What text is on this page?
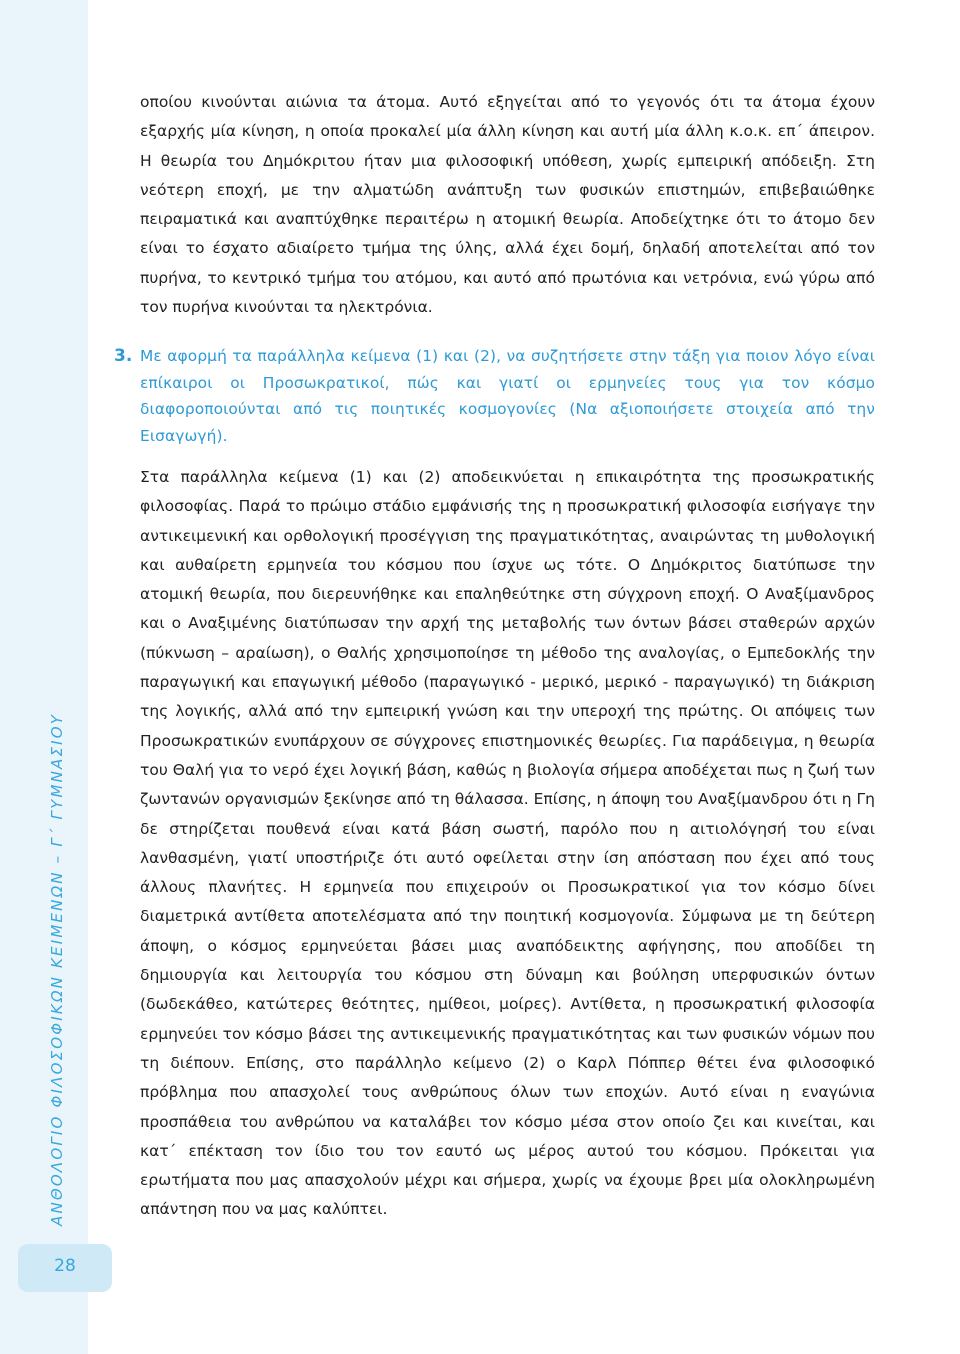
ΑΝΘΟΛΟΓΙΟ ΦΙΛΟΣΟΦΙΚΩΝ ΚΕΙΜΕΝΩΝ – Γ΄ ΓΥΜΝΑΣΙΟΥ
28

οποίου κινούνται αιώνια τα άτομα. Αυτό εξηγείται από το γεγονός ότι τα άτομα έχουν εξαρχής μία κίνηση, η οποία προκαλεί μία άλλη κίνηση και αυτή μία άλλη κ.ο.κ. επ΄ άπειρον. Η θεωρία του Δημόκριτου ήταν μια φιλοσοφική υπόθεση, χωρίς εμπειρική απόδειξη. Στη νεότερη εποχή, με την αλματώδη ανάπτυξη των φυσικών επιστημών, επιβεβαιώθηκε πειραματικά και αναπτύχθηκε περαιτέρω η ατομική θεωρία. Αποδείχτηκε ότι το άτομο δεν είναι το έσχατο αδιαίρετο τμήμα της ύλης, αλλά έχει δομή, δηλαδή αποτελείται από τον πυρήνα, το κεντρικό τμήμα του ατόμου, και αυτό από πρωτόνια και νετρόνια, ενώ γύρω από τον πυρήνα κινούνται τα ηλεκτρόνια.

3. Με αφορμή τα παράλληλα κείμενα (1) και (2), να συζητήσετε στην τάξη για ποιον λόγο είναι επίκαιροι οι Προσωκρατικοί, πώς και γιατί οι ερμηνείες τους για τον κόσμο διαφοροποιούνται από τις ποιητικές κοσμογονίες (Να αξιοποιήσετε στοιχεία από την Εισαγωγή).

Στα παράλληλα κείμενα (1) και (2) αποδεικνύεται η επικαιρότητα της προσωκρατικής φιλοσοφίας. Παρά το πρώιμο στάδιο εμφάνισής της η προσωκρατική φιλοσοφία εισήγαγε την αντικειμενική και ορθολογική προσέγγιση της πραγματικότητας, αναιρώντας τη μυθολογική και αυθαίρετη ερμηνεία του κόσμου που ίσχυε ως τότε. Ο Δημόκριτος διατύπωσε την ατομική θεωρία, που διερευνήθηκε και επαληθεύτηκε στη σύγχρονη εποχή. Ο Αναξίμανδρος και ο Αναξιμένης διατύπωσαν την αρχή της μεταβολής των όντων βάσει σταθερών αρχών (πύκνωση – αραίωση), ο Θαλής χρησιμοποίησε τη μέθοδο της αναλογίας, ο Εμπεδοκλής την παραγωγική και επαγωγική μέθοδο (παραγωγικό - μερικό, μερικό - παραγωγικό) τη διάκριση της λογικής, αλλά από την εμπειρική γνώση και την υπεροχή της πρώτης. Οι απόψεις των Προσωκρατικών ενυπάρχουν σε σύγχρονες επιστημονικές θεωρίες. Για παράδειγμα, η θεωρία του Θαλή για το νερό έχει λογική βάση, καθώς η βιολογία σήμερα αποδέχεται πως η ζωή των ζωντανών οργανισμών ξεκίνησε από τη θάλασσα. Επίσης, η άποψη του Αναξίμανδρου ότι η Γη δε στηρίζεται πουθενά είναι κατά βάση σωστή, παρόλο που η αιτιολόγησή του είναι λανθασμένη, γιατί υποστήριζε ότι αυτό οφείλεται στην ίση απόσταση που έχει από τους άλλους πλανήτες. Η ερμηνεία που επιχειρούν οι Προσωκρατικοί για τον κόσμο δίνει διαμετρικά αντίθετα αποτελέσματα από την ποιητική κοσμογονία. Σύμφωνα με τη δεύτερη άποψη, ο κόσμος ερμηνεύεται βάσει μιας αναπόδεικτης αφήγησης, που αποδίδει τη δημιουργία και λειτουργία του κόσμου στη δύναμη και βούληση υπερφυσικών όντων (δωδεκάθεο, κατώτερες θεότητες, ημίθεοι, μοίρες). Αντίθετα, η προσωκρατική φιλοσοφία ερμηνεύει τον κόσμο βάσει της αντικειμενικής πραγματικότητας και των φυσικών νόμων που τη διέπουν. Επίσης, στο παράλληλο κείμενο (2) ο Καρλ Πόππερ θέτει ένα φιλοσοφικό πρόβλημα που απασχολεί τους ανθρώπους όλων των εποχών. Αυτό είναι η εναγώνια προσπάθεια του ανθρώπου να καταλάβει τον κόσμο μέσα στον οποίο ζει και κινείται, και κατ΄ επέκταση τον ίδιο του τον εαυτό ως μέρος αυτού του κόσμου. Πρόκειται για ερωτήματα που μας απασχολούν μέχρι και σήμερα, χωρίς να έχουμε βρει μία ολοκληρωμένη απάντηση που να μας καλύπτει.
